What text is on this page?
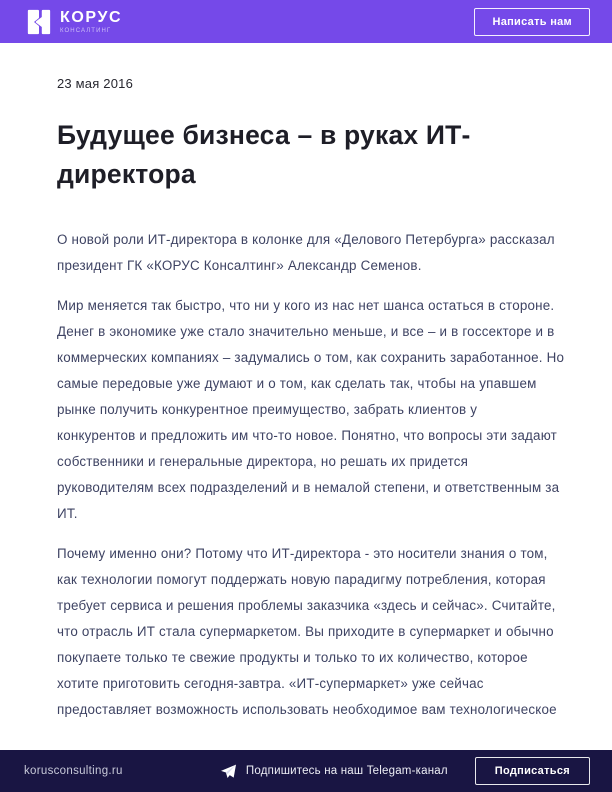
КОРУС
КОНСАЛТИНГ
Написать нам
23 мая 2016
Будущее бизнеса – в руках ИТ-директора
О новой роли ИТ-директора в колонке для «Делового Петербурга» рассказал
президент ГК «КОРУС Консалтинг» Александр Семенов.
Мир меняется так быстро, что ни у кого из нас нет шанса остаться в стороне.
Денег в экономике уже стало значительно меньше, и все – и в госсекторе и в
коммерческих компаниях – задумались о том, как сохранить заработанное. Но
самые передовые уже думают и о том, как сделать так, чтобы на упавшем
рынке получить конкурентное преимущество, забрать клиентов у
конкурентов и предложить им что-то новое. Понятно, что вопросы эти задают
собственники и генеральные директора, но решать их придется
руководителям всех подразделений и в немалой степени, и ответственным за
ИТ.
Почему именно они? Потому что ИТ-директора - это носители знания о том,
как технологии помогут поддержать новую парадигму потребления, которая
требует сервиса и решения проблемы заказчика «здесь и сейчас». Считайте,
что отрасль ИТ стала супермаркетом. Вы приходите в супермаркет и обычно
покупаете только те свежие продукты и только то их количество, которое
хотите приготовить сегодня-завтра. «ИТ-супермаркет» уже сейчас
предоставляет возможность использовать необходимое вам технологическое
korusconsulting.ru	Подпишитесь на наш Telegam-канал	Подписаться
